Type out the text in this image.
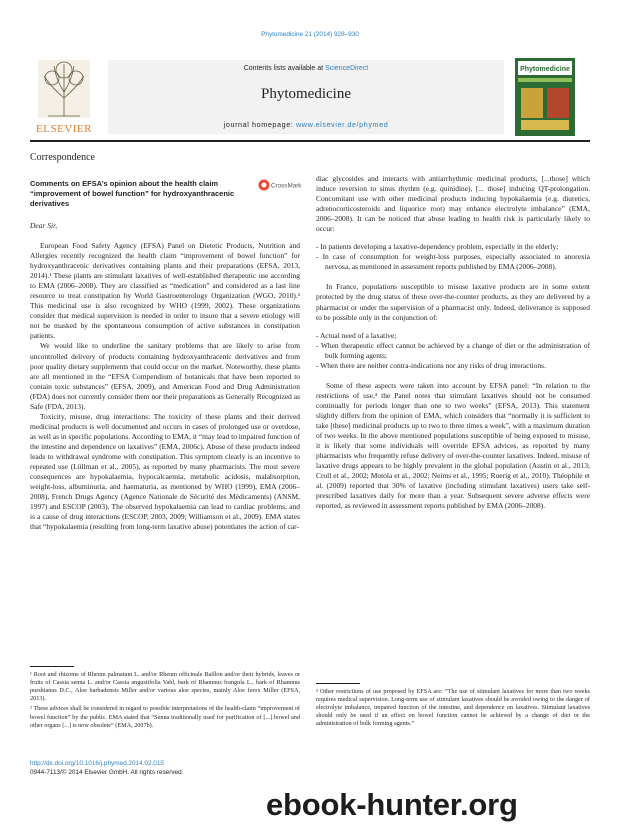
Phytomedicine 21 (2014) 928–930
ELSEVIER
Contents lists available at ScienceDirect
Phytomedicine
journal homepage: www.elsevier.de/phymed
Phytomedicine
Correspondence
Comments on EFSA’s opinion about the health claim “improvement of bowel function” for hydroxyanthracenic derivatives
CrossMark
Dear Sir,

European Food Safety Agency (EFSA) Panel on Dietetic Products, Nutrition and Allergies recently recognized the health claim “improvement of bowel function” for hydroxyanthracenic derivatives containing plants and their preparations (EFSA, 2013, 2014).¹ These plants are stimulant laxatives of well-established therapeutic use according to EMA (2006–2008). They are classified as “medication” and considered as a last line resource to treat constipation by World Gastroenterology Organization (WGO, 2010).² This medicinal use is also recognized by WHO (1999, 2002). These organizations consider that medical supervision is needed in order to insure that a severe etiology will not be masked by the spontaneous consumption of active substances in constipation patients.

We would like to underline the sanitary problems that are likely to arise from uncontrolled delivery of products containing hydroxyanthracenic derivatives and from poor quality dietary supplements that could occur on the market. Noteworthy, these plants are all mentioned in the “EFSA Compendium of botanicals that have been reported to contain toxic substances” (EFSA, 2009), and American Food and Drug Administration (FDA) does not currently consider them nor their preparations as Generally Recognized as Safe (FDA, 2013).

Toxicity, misuse, drug interactions: The toxicity of these plants and their derived medicinal products is well documented and occurs in cases of prolonged use or overdose, as well as in specific populations. According to EMA, it “may lead to impaired function of the intestine and dependence on laxatives” (EMA, 2006c). Abuse of these products indeed leads to withdrawal syndrome with constipation. This symptom clearly is an incentive to repeated use (Lüllman et al., 2005), as reported by many pharmacists. The most severe consequences are hypokalaemia, hypocalcaemia, metabolic acidosis, malabsorption, weight-loss, albuminuria, and haematuria, as mentioned by WHO (1999), EMA (2006–2008), French Drugs Agency (Agence Nationale de Sécurité des Médicaments) (ANSM, 1997) and ESCOP (2003). The observed hypokalaemia can lead to cardiac problems, and is a cause of drug interactions (ESCOP, 2003, 2009; Williamson et al., 2009). EMA states that “hypokalaemia (resulting from long-term laxative abuse) potentiates the action of car-

¹ Root and rhizome of Rheum palmatum L. and/or Rheum officinale Baillon and/or their hybrids, leaves or fruits of Cassia senna L. and/or Cassia angustifolia Vahl, bark of Rhamnus frangula L., bark of Rhamnus purshianus D.C., Aloe barbadensis Miller and/or various aloe species, mainly Aloe ferox Miller (EFSA, 2013).
² These advices shall be considered in regard to possible interpretations of the health-claim “improvement of bowel function” by the public. EMA stated that “Senna traditionally used for purification of [...] bowel and other organs [...] is now obsolete” (EMA, 2007b).

diac glycosides and interacts with antiarrhythmic medicinal products, [...those] which induce reversion to sinus rhythm (e.g. quinidine), [... those] inducing QT-prolongation. Concomitant use with other medicinal products inducing hypokalaemia (e.g. diuretics, adrenocorticosteroids and liquorice root) may enhance electrolyte imbalance” (EMA, 2006–2008). It can be noticed that abuse leading to health risk is particularly likely to occur:

- In patients developing a laxative-dependency problem, especially in the elderly;
- In case of consumption for weight-loss purposes, especially associated to anorexia nervosa, as mentioned in assessment reports published by EMA (2006–2008).

In France, populations susceptible to misuse laxative products are in some extent protected by the drug status of these over-the-counter products, as they are delivered by a pharmacist or under the supervision of a pharmacist only. Indeed, deliverance is supposed to be possible only in the conjunction of:

- Actual need of a laxative;
- When therapeutic effect cannot be achieved by a change of diet or the administration of bulk forming agents;
- When there are neither contra-indications nor any risks of drug interactions.

Some of these aspects were taken into account by EFSA panel: “In relation to the restrictions of use,³ the Panel notes that stimulant laxatives should not be consumed continually for periods longer than one to two weeks” (EFSA, 2013). This statement slightly differs from the opinion of EMA, which considers that “normally it is sufficient to take [these] medicinal products up to two to three times a week”, with a maximum duration of two weeks. In the above mentioned populations susceptible of being exposed to misuse, it is likely that some individuals will override EFSA advices, as reported by many pharmacists who frequently refuse delivery of over-the-counter laxatives. Indeed, misuse of laxative drugs appears to be highly prevalent in the global population (Austin et al., 2013; Croll et al., 2002; Motola et al., 2002; Neims et al., 1995; Roerig et al., 2010). Théophile et al. (2009) reported that 30% of laxative (including stimulant laxatives) users take self-prescribed laxatives daily for more than a year. Subsequent severe adverse effects were reported, as reviewed in assessment reports published by EMA (2006–2008).

³ Other restrictions of use proposed by EFSA are: “The use of stimulant laxatives for more than two weeks requires medical supervision. Long-term use of stimulant laxatives should be avoided owing to the danger of electrolyte imbalance, impaired function of the intestine, and dependence on laxatives. Stimulant laxatives should only be used if an effect on bowel function cannot be achieved by a change of diet or the administration of bulk forming agents.”
http://dx.doi.org/10.1016/j.phymed.2014.02.015
0944-7113/© 2014 Elsevier GmbH. All rights reserved.
ebook-hunter.org
